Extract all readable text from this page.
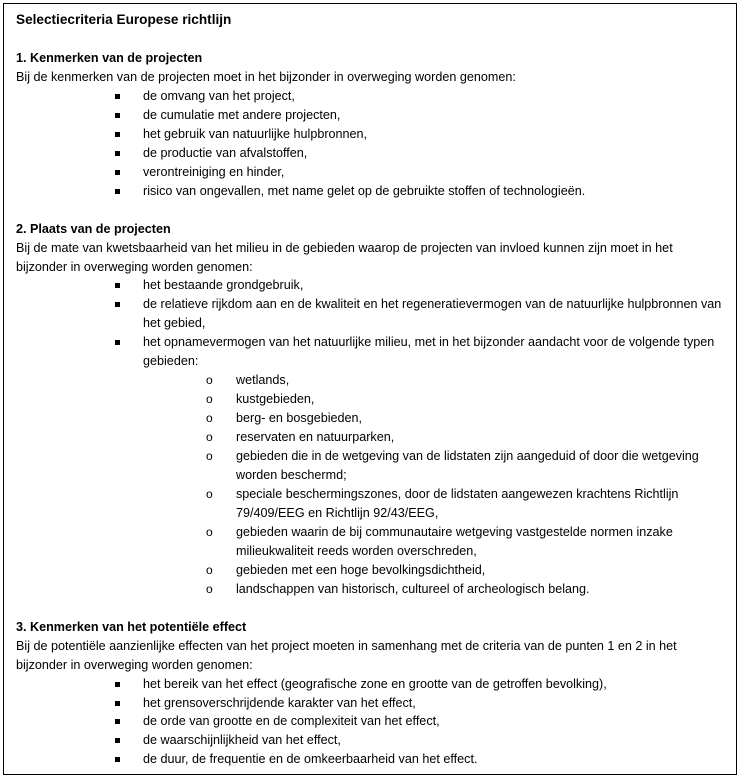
Selectiecriteria Europese richtlijn

1. Kenmerken van de projecten

Bij de kenmerken van de projecten moet in het bijzonder in overweging worden genomen:

de omvang van het project,
de cumulatie met andere projecten,
het gebruik van natuurlijke hulpbronnen,
de productie van afvalstoffen,
verontreiniging en hinder,
risico van ongevallen, met name gelet op de gebruikte stoffen of technologieën.

2. Plaats van de projecten

Bij de mate van kwetsbaarheid van het milieu in de gebieden waarop de projecten van invloed kunnen zijn moet in het bijzonder in overweging worden genomen:

het bestaande grondgebruik,
de relatieve rijkdom aan en de kwaliteit en het regeneratievermogen van de natuurlijke hulpbronnen van het gebied,
het opnamevermogen van het natuurlijke milieu, met in het bijzonder aandacht voor de volgende typen gebieden:
o wetlands,
o kustgebieden,
o berg- en bosgebieden,
o reservaten en natuurparken,
o gebieden die in de wetgeving van de lidstaten zijn aangeduid of door die wetgeving worden beschermd;
o speciale beschermingszones, door de lidstaten aangewezen krachtens Richtlijn 79/409/EEG en Richtlijn 92/43/EEG,
o gebieden waarin de bij communautaire wetgeving vastgestelde normen inzake milieukwaliteit reeds worden overschreden,
o gebieden met een hoge bevolkingsdichtheid,
o landschappen van historisch, cultureel of archeologisch belang.

3. Kenmerken van het potentiële effect

Bij de potentiële aanzienlijke effecten van het project moeten in samenhang met de criteria van de punten 1 en 2 in het bijzonder in overweging worden genomen:

het bereik van het effect (geografische zone en grootte van de getroffen bevolking),
het grensoverschrijdende karakter van het effect,
de orde van grootte en de complexiteit van het effect,
de waarschijnlijkheid van het effect,
de duur, de frequentie en de omkeerbaarheid van het effect.
